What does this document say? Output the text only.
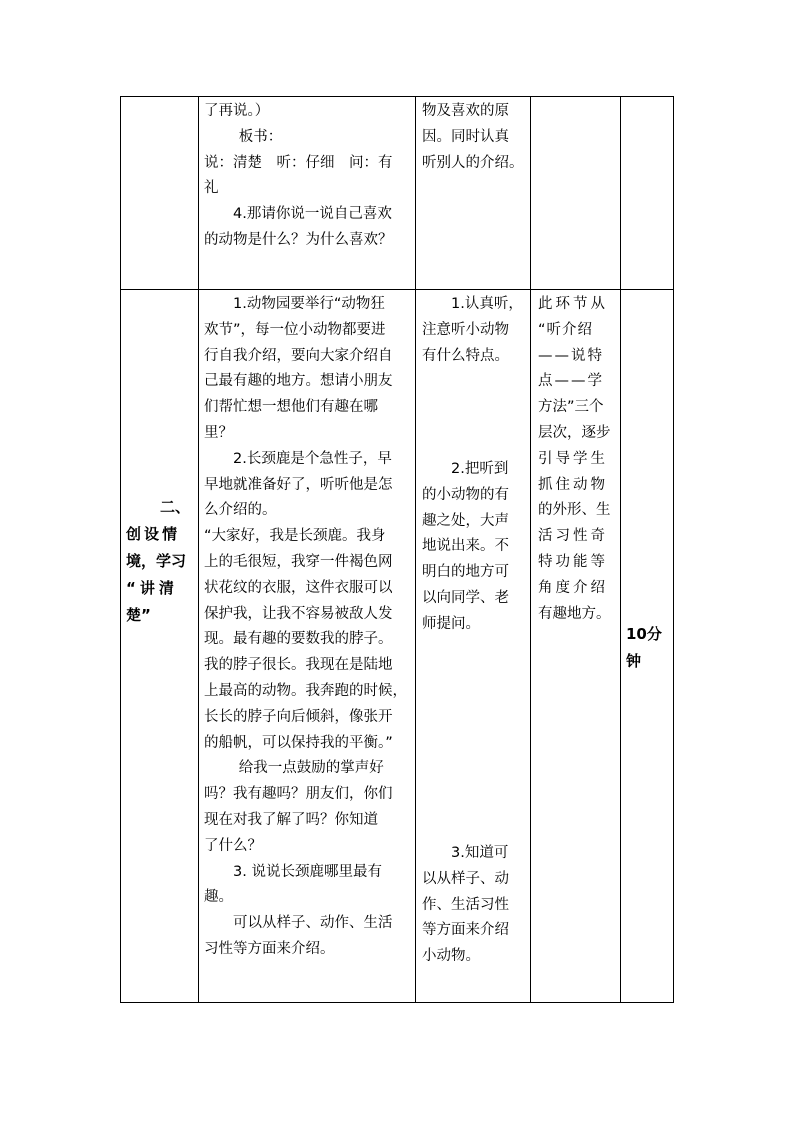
了再说。）

板书：

说：清楚　听：仔细　问：有

礼

4.那请你说一说自己喜欢

的动物是什么？为什么喜欢？

物及喜欢的原

因。同时认真

听别人的介绍。

二、

创设情

境，学习

“讲清

楚”

1.动物园要举行“动物狂

欢节”，每一位小动物都要进

行自我介绍，要向大家介绍自

己最有趣的地方。想请小朋友

们帮忙想一想他们有趣在哪

里？

2.长颈鹿是个急性子，早

早地就准备好了，听听他是怎

么介绍的。

“大家好，我是长颈鹿。我身

上的毛很短，我穿一件褐色网

状花纹的衣服，这件衣服可以

保护我，让我不容易被敌人发

现。最有趣的要数我的脖子。

我的脖子很长。我现在是陆地

上最高的动物。我奔跑的时候，

长长的脖子向后倾斜，像张开

的船帆，可以保持我的平衡。”

给我一点鼓励的掌声好

吗？我有趣吗？朋友们，你们

现在对我了解了吗？你知道

了什么？

3. 说说长颈鹿哪里最有

趣。

可以从样子、动作、生活

习性等方面来介绍。

1.认真听，

注意听小动物

有什么特点。

2.把听到

的小动物的有

趣之处，大声

地说出来。不

明白的地方可

以向同学、老

师提问。

3.知道可

以从样子、动

作、生活习性

等方面来介绍

小动物。

此环节从

“听介绍

——说特

点——学

方法”三个

层次，逐步

引导学生

抓住动物

的外形、生

活习性奇

特功能等

角度介绍

有趣地方。

10分

钟
